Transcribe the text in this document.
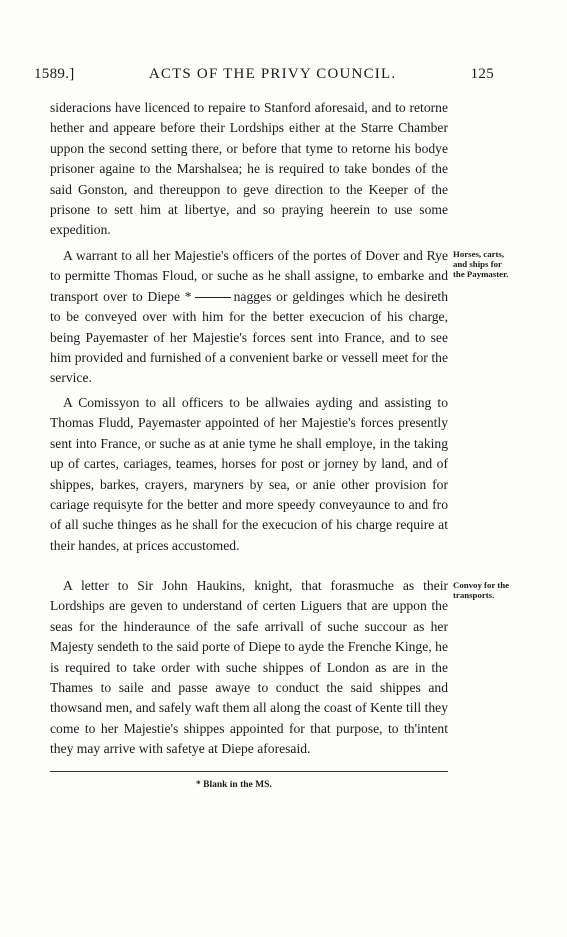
1589.]	ACTS OF THE PRIVY COUNCIL.	125

sideracions have licenced to repaire to Stanford aforesaid, and to retorne hether and appeare before their Lordships either at the Starre Chamber uppon the second setting there, or before that tyme to retorne his bodye prisoner againe to the Marshalsea; he is required to take bondes of the said Gonston, and thereuppon to geve direction to the Keeper of the prisone to sett him at libertye, and so praying heerein to use some expedition.

A warrant to all her Majestie's officers of the portes of Dover and Rye to permitte Thomas Floud, or suche as he shall assigne, to embarke and transport over to Diepe *	nagges or geldinges which he desireth to be conveyed over with him for the better execucion of his charge, being Payemaster of her Majestie's forces sent into France, and to see him provided and furnished of a convenient barke or vessell meet for the service.

Horses, carts, and ships for the Paymaster.

A Comissyon to all officers to be allwaies ayding and assisting to Thomas Fludd, Payemaster appointed of her Majestie's forces presently sent into France, or suche as at anie tyme he shall employe, in the taking up of cartes, cariages, teames, horses for post or jorney by land, and of shippes, barkes, crayers, maryners by sea, or anie other provision for cariage requisyte for the better and more speedy conveyaunce to and fro of all suche thinges as he shall for the execucion of his charge require at their handes, at prices accustomed.

A letter to Sir John Haukins, knight, that forasmuche as their Lordships are geven to understand of certen Liguers that are uppon the seas for the hinderaunce of the safe arrivall of suche succour as her Majesty sendeth to the said porte of Diepe to ayde the Frenche Kinge, he is required to take order with suche shippes of London as are in the Thames to saile and passe awaye to conduct the said shippes and thowsand men, and safely waft them all along the coast of Kente till they come to her Majestie's shippes appointed for that purpose, to th'intent they may arrive with safetye at Diepe aforesaid.

Convoy for the transports.
* Blank in the MS.
